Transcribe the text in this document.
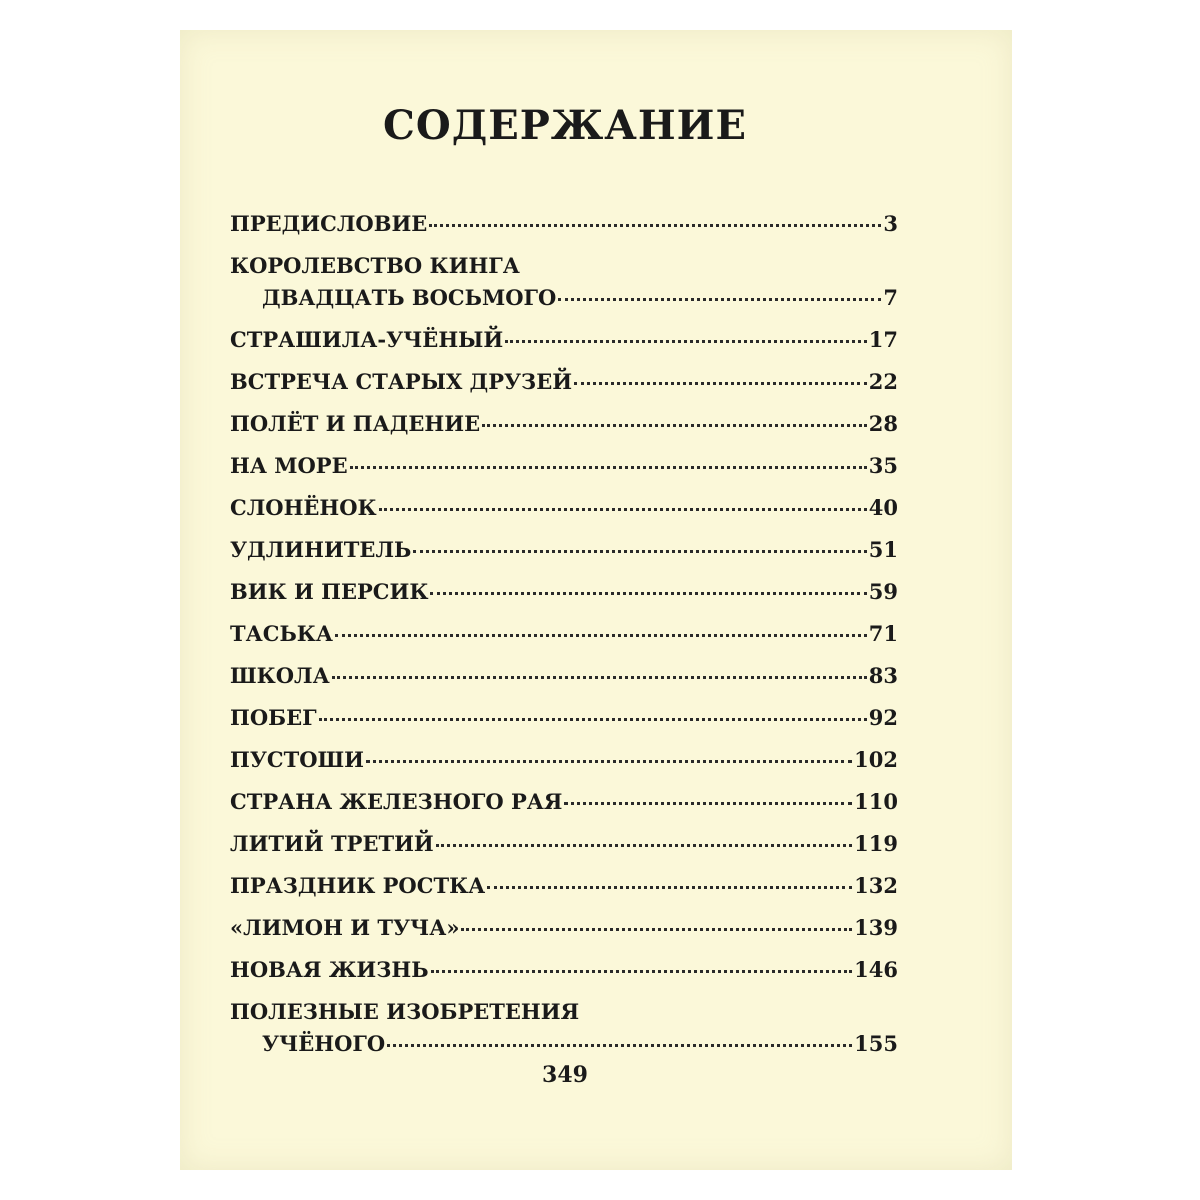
СОДЕРЖАНИЕ
ПРЕДИСЛОВИЕ	3
КОРОЛЕВСТВО КИНГА
ДВАДЦАТЬ ВОСЬМОГО	7
СТРАШИЛА-УЧЁНЫЙ	17
ВСТРЕЧА СТАРЫХ ДРУЗЕЙ	22
ПОЛЁТ И ПАДЕНИЕ	28
НА МОРЕ	35
СЛОНЁНОК	40
УДЛИНИТЕЛЬ	51
ВИК И ПЕРСИК	59
ТАСЬКА	71
ШКОЛА	83
ПОБЕГ	92
ПУСТОШИ	102
СТРАНА ЖЕЛЕЗНОГО РАЯ	110
ЛИТИЙ ТРЕТИЙ	119
ПРАЗДНИК РОСТКА	132
«ЛИМОН И ТУЧА»	139
НОВАЯ ЖИЗНЬ	146
ПОЛЕЗНЫЕ ИЗОБРЕТЕНИЯ
УЧЁНОГО	155
349
